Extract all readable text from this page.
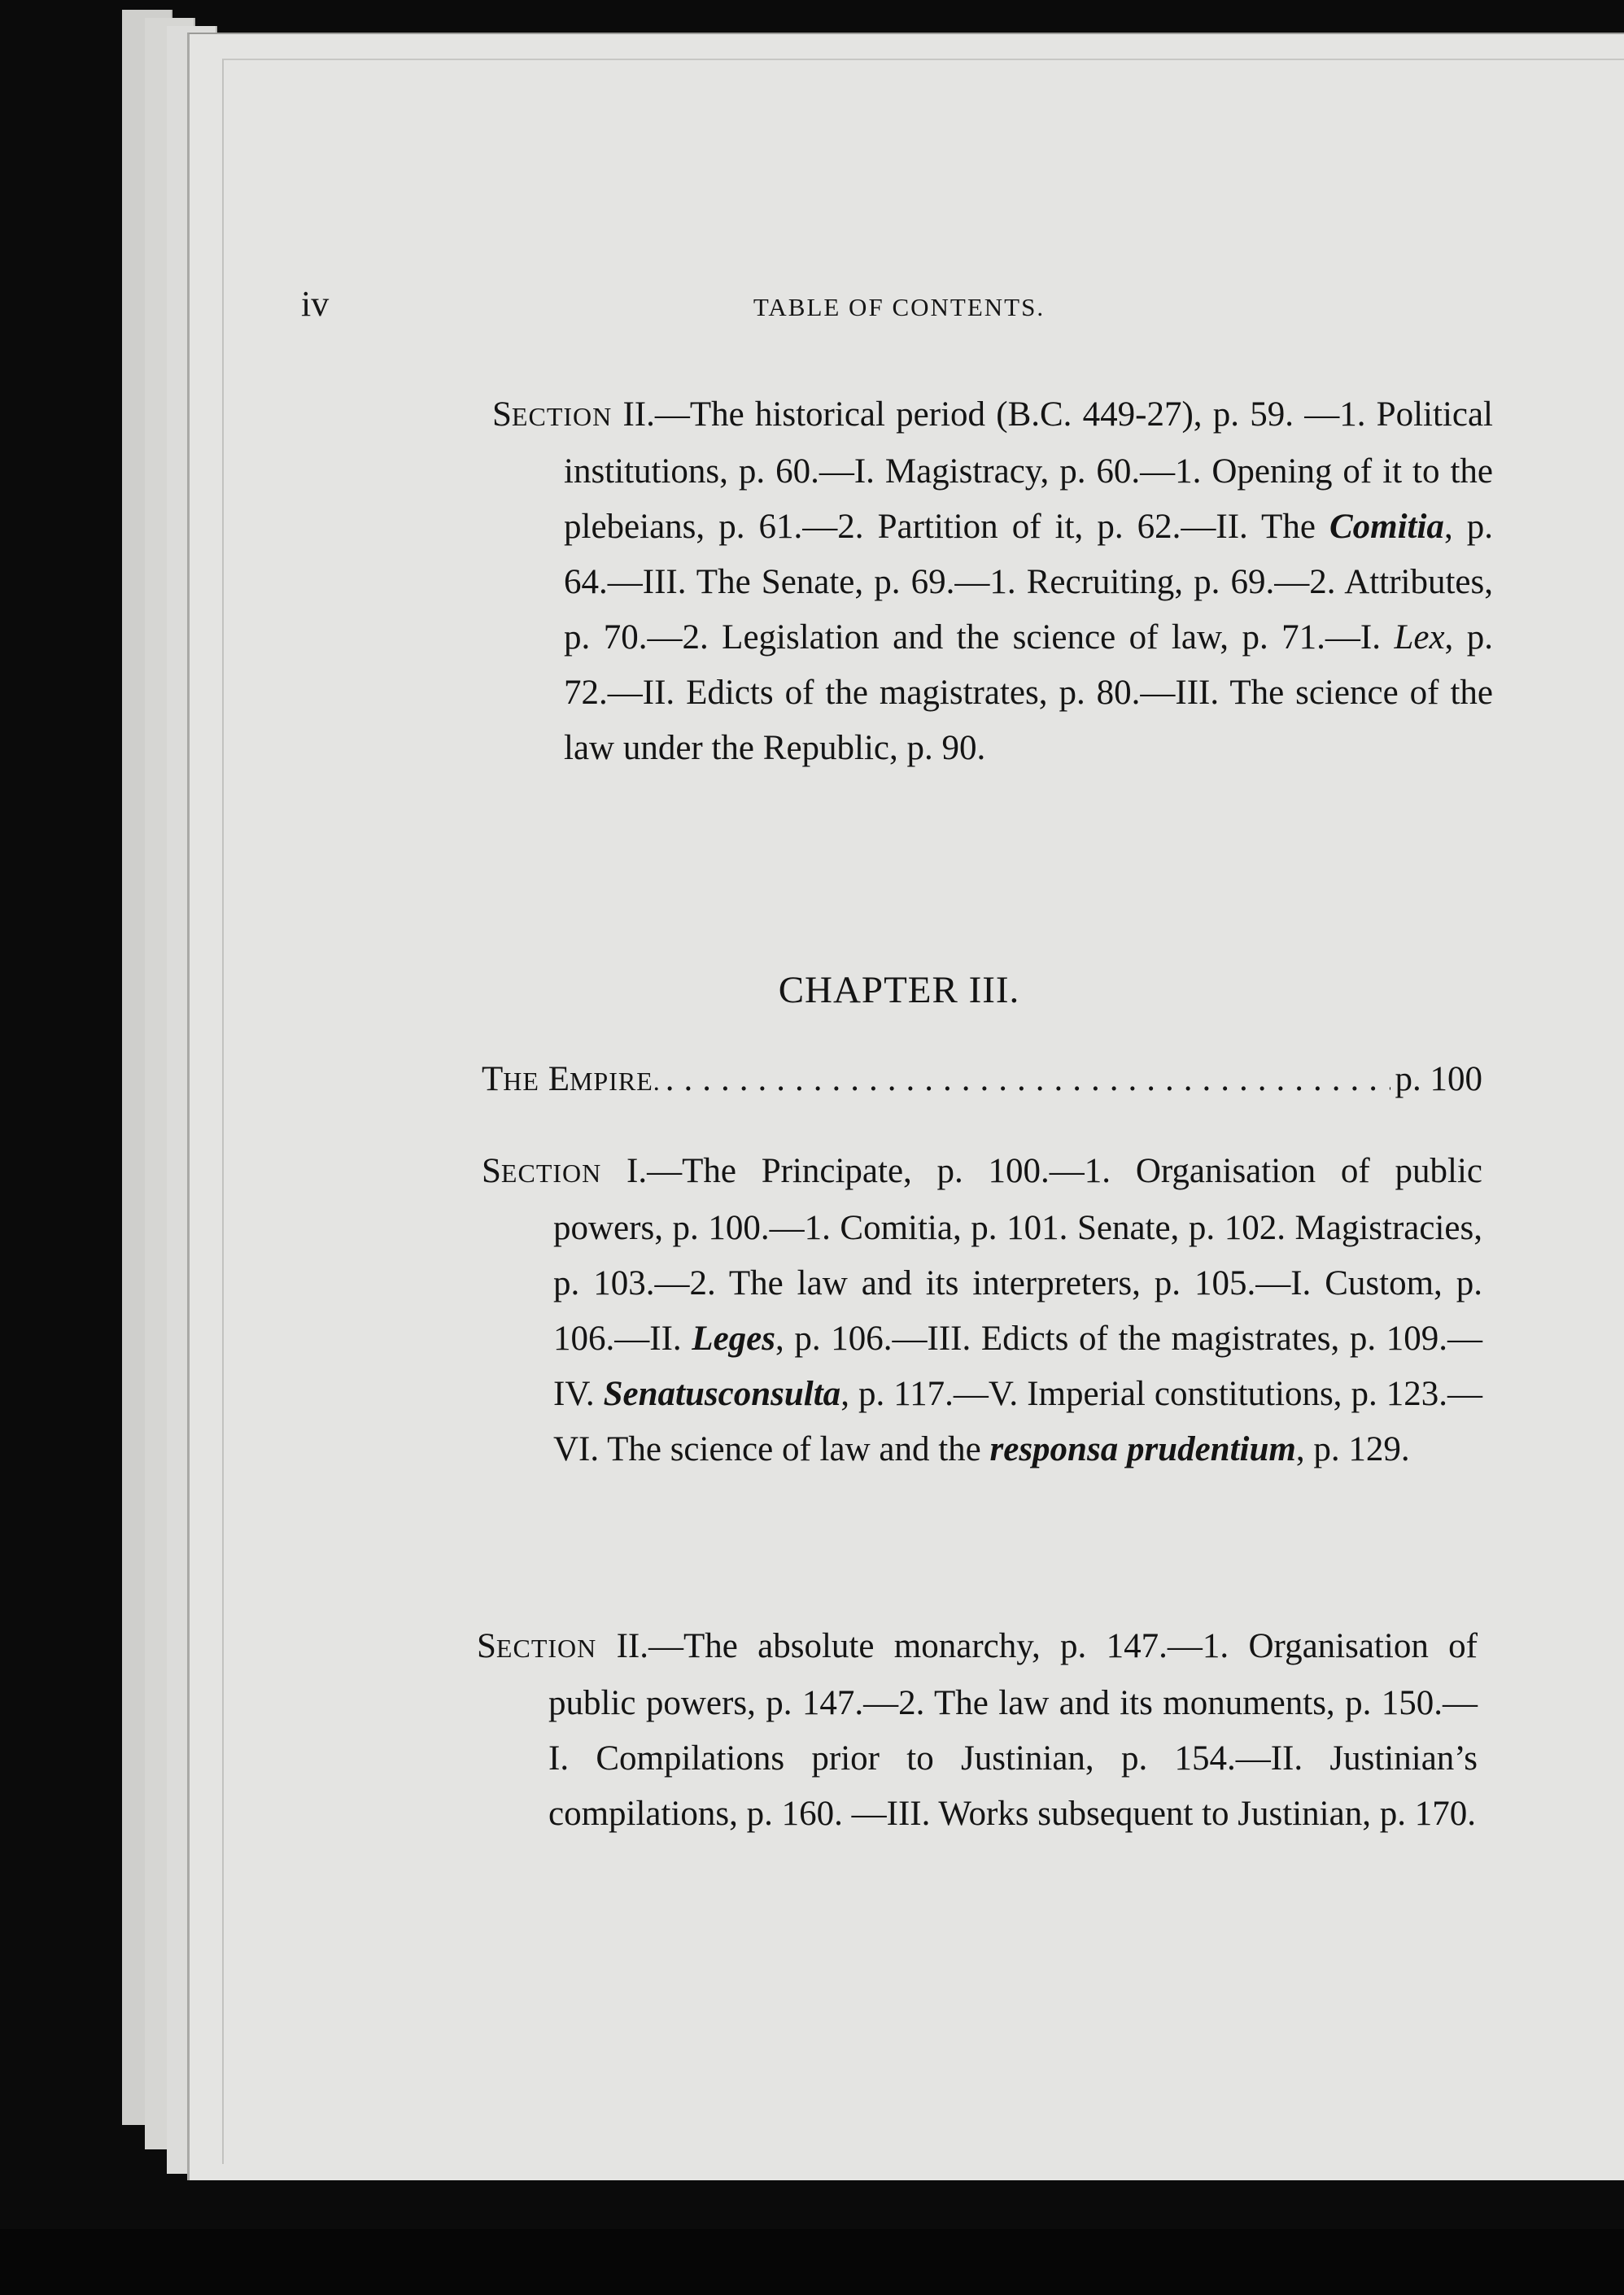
iv	TABLE OF CONTENTS.
SECTION II.—The historical period (B.C. 449-27), p. 59. —1. Political institutions, p. 60.—I. Magistracy, p. 60.—1. Opening of it to the plebeians, p. 61.—2. Partition of it, p. 62.—II. The Comitia, p. 64.—III. The Senate, p. 69.—1. Recruiting, p. 69.—2. Attributes, p. 70.—2. Legislation and the science of law, p. 71.—I. Lex, p. 72.—II. Edicts of the magistrates, p. 80.—III. The science of the law under the Republic, p. 90.
CHAPTER III.
THE EMPIRE.
.....	p. 100
SECTION I.—The Principate, p. 100.—1. Organisation of public powers, p. 100.—1. Comitia, p. 101. Senate, p. 102. Magistracies, p. 103.—2. The law and its interpreters, p. 105.—I. Custom, p. 106.—II. Leges, p. 106.—III. Edicts of the magistrates, p. 109.— IV. Senatusconsulta, p. 117.—V. Imperial constitutions, p. 123.—VI. The science of law and the responsa prudentium, p. 129.
SECTION II.—The absolute monarchy, p. 147.—1. Organisation of public powers, p. 147.—2. The law and its monuments, p. 150.—I. Compilations prior to Justinian, p. 154.—II. Justinian’s compilations, p. 160. —III. Works subsequent to Justinian, p. 170.
